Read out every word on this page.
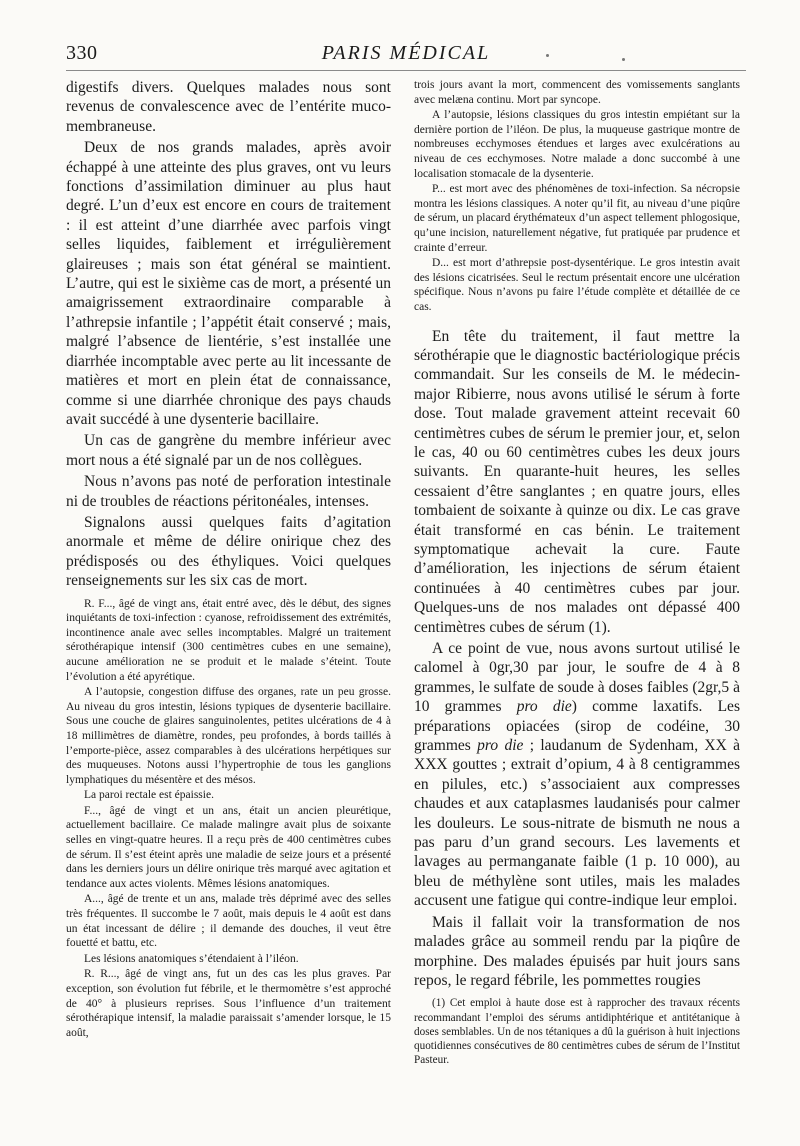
330	PARIS MÉDICAL

digestifs divers. Quelques malades nous sont revenus de convalescence avec de l’entérite muco-membraneuse.

Deux de nos grands malades, après avoir échappé à une atteinte des plus graves, ont vu leurs fonctions d’assimilation diminuer au plus haut degré. L’un d’eux est encore en cours de traitement : il est atteint d’une diarrhée avec parfois vingt selles liquides, faiblement et irrégulièrement glaireuses ; mais son état général se maintient. L’autre, qui est le sixième cas de mort, a présenté un amaigrissement extraordinaire comparable à l’athrepsie infantile ; l’appétit était conservé ; mais, malgré l’absence de lientérie, s’est installée une diarrhée incomptable avec perte au lit incessante de matières et mort en plein état de connaissance, comme si une diarrhée chronique des pays chauds avait succédé à une dysenterie bacillaire.

Un cas de gangrène du membre inférieur avec mort nous a été signalé par un de nos collègues.

Nous n’avons pas noté de perforation intestinale ni de troubles de réactions péritonéales, intenses.

Signalons aussi quelques faits d’agitation anormale et même de délire onirique chez des prédisposés ou des éthyliques. Voici quelques renseignements sur les six cas de mort.

R. F..., âgé de vingt ans, était entré avec, dès le début, des signes inquiétants de toxi-infection : cyanose, refroidissement des extrémités, incontinence anale avec selles incomptables. Malgré un traitement sérothérapique intensif (300 centimètres cubes en une semaine), aucune amélioration ne se produit et le malade s’éteint. Toute l’évolution a été apyrétique.

A l’autopsie, congestion diffuse des organes, rate un peu grosse. Au niveau du gros intestin, lésions typiques de dysenterie bacillaire. Sous une couche de glaires sanguinolentes, petites ulcérations de 4 à 18 millimètres de diamètre, rondes, peu profondes, à bords taillés à l’emporte-pièce, assez comparables à des ulcérations herpétiques sur des muqueuses. Notons aussi l’hypertrophie de tous les ganglions lymphatiques du mésentère et des mésos.

La paroi rectale est épaissie.

F..., âgé de vingt et un ans, était un ancien pleurétique, actuellement bacillaire. Ce malade malingre avait plus de soixante selles en vingt-quatre heures. Il a reçu près de 400 centimètres cubes de sérum. Il s’est éteint après une maladie de seize jours et a présenté dans les derniers jours un délire onirique très marqué avec agitation et tendance aux actes violents. Mêmes lésions anatomiques.

A..., âgé de trente et un ans, malade très déprimé avec des selles très fréquentes. Il succombe le 7 août, mais depuis le 4 août est dans un état incessant de délire ; il demande des douches, il veut être fouetté et battu, etc.

Les lésions anatomiques s’étendaient à l’iléon.

R. R..., âgé de vingt ans, fut un des cas les plus graves. Par exception, son évolution fut fébrile, et le thermomètre s’est approché de 40° à plusieurs reprises. Sous l’influence d’un traitement sérothérapique intensif, la maladie paraissait s’amender lorsque, le 15 août,

trois jours avant la mort, commencent des vomissements sanglants avec melæna continu. Mort par syncope.

A l’autopsie, lésions classiques du gros intestin empiétant sur la dernière portion de l’iléon. De plus, la muqueuse gastrique montre de nombreuses ecchymoses étendues et larges avec exulcérations au niveau de ces ecchymoses. Notre malade a donc succombé à une localisation stomacale de la dysenterie.

P... est mort avec des phénomènes de toxi-infection. Sa nécropsie montra les lésions classiques. A noter qu’il fit, au niveau d’une piqûre de sérum, un placard érythémateux d’un aspect tellement phlogosique, qu’une incision, naturellement négative, fut pratiquée par prudence et crainte d’erreur.

D... est mort d’athrepsie post-dysentérique. Le gros intestin avait des lésions cicatrisées. Seul le rectum présentait encore une ulcération spécifique. Nous n’avons pu faire l’étude complète et détaillée de ce cas.

En tête du traitement, il faut mettre la sérothérapie que le diagnostic bactériologique précis commandait. Sur les conseils de M. le médecin-major Ribierre, nous avons utilisé le sérum à forte dose. Tout malade gravement atteint recevait 60 centimètres cubes de sérum le premier jour, et, selon le cas, 40 ou 60 centimètres cubes les deux jours suivants. En quarante-huit heures, les selles cessaient d’être sanglantes ; en quatre jours, elles tombaient de soixante à quinze ou dix. Le cas grave était transformé en cas bénin. Le traitement symptomatique achevait la cure. Faute d’amélioration, les injections de sérum étaient continuées à 40 centimètres cubes par jour. Quelques-uns de nos malades ont dépassé 400 centimètres cubes de sérum (1).

A ce point de vue, nous avons surtout utilisé le calomel à 0gr,30 par jour, le soufre de 4 à 8 grammes, le sulfate de soude à doses faibles (2gr,5 à 10 grammes pro die) comme laxatifs. Les préparations opiacées (sirop de codéine, 30 grammes pro die ; laudanum de Sydenham, XX à XXX gouttes ; extrait d’opium, 4 à 8 centigrammes en pilules, etc.) s’associaient aux compresses chaudes et aux cataplasmes laudanisés pour calmer les douleurs. Le sous-nitrate de bismuth ne nous a pas paru d’un grand secours. Les lavements et lavages au permanganate faible (1 p. 10 000), au bleu de méthylène sont utiles, mais les malades accusent une fatigue qui contre-indique leur emploi.

Mais il fallait voir la transformation de nos malades grâce au sommeil rendu par la piqûre de morphine. Des malades épuisés par huit jours sans repos, le regard fébrile, les pommettes rougies

(1) Cet emploi à haute dose est à rapprocher des travaux récents recommandant l’emploi des sérums antidiphtérique et antitétanique à doses semblables. Un de nos tétaniques a dû la guérison à huit injections quotidiennes consécutives de 80 centimètres cubes de sérum de l’Institut Pasteur.
